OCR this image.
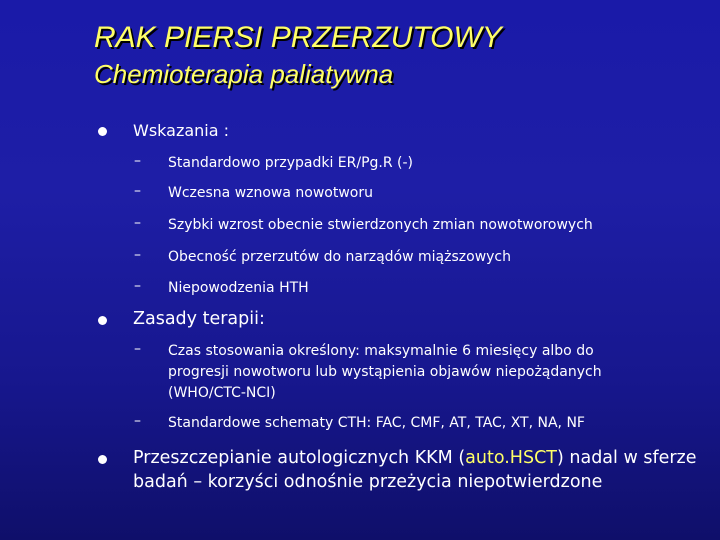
RAK PIERSI PRZERZUTOWY
Chemioterapia paliatywna
Wskazania :
– Standardowo przypadki ER/Pg.R (-)
– Wczesna wznowa nowotworu
– Szybki wzrost obecnie stwierdzonych zmian nowotworowych
– Obecność przerzutów do narządów miąższowych
– Niepowodzenia HTH
Zasady terapii:
– Czas stosowania określony: maksymalnie 6 miesięcy albo do
progresji nowotworu lub wystąpienia objawów niepożądanych
(WHO/CTC-NCI)
– Standardowe schematy CTH: FAC, CMF, AT, TAC, XT, NA, NF
Przeszczepianie autologicznych KKM (auto.HSCT) nadal w sferze
badań – korzyści odnośnie przeżycia niepotwierdzone
